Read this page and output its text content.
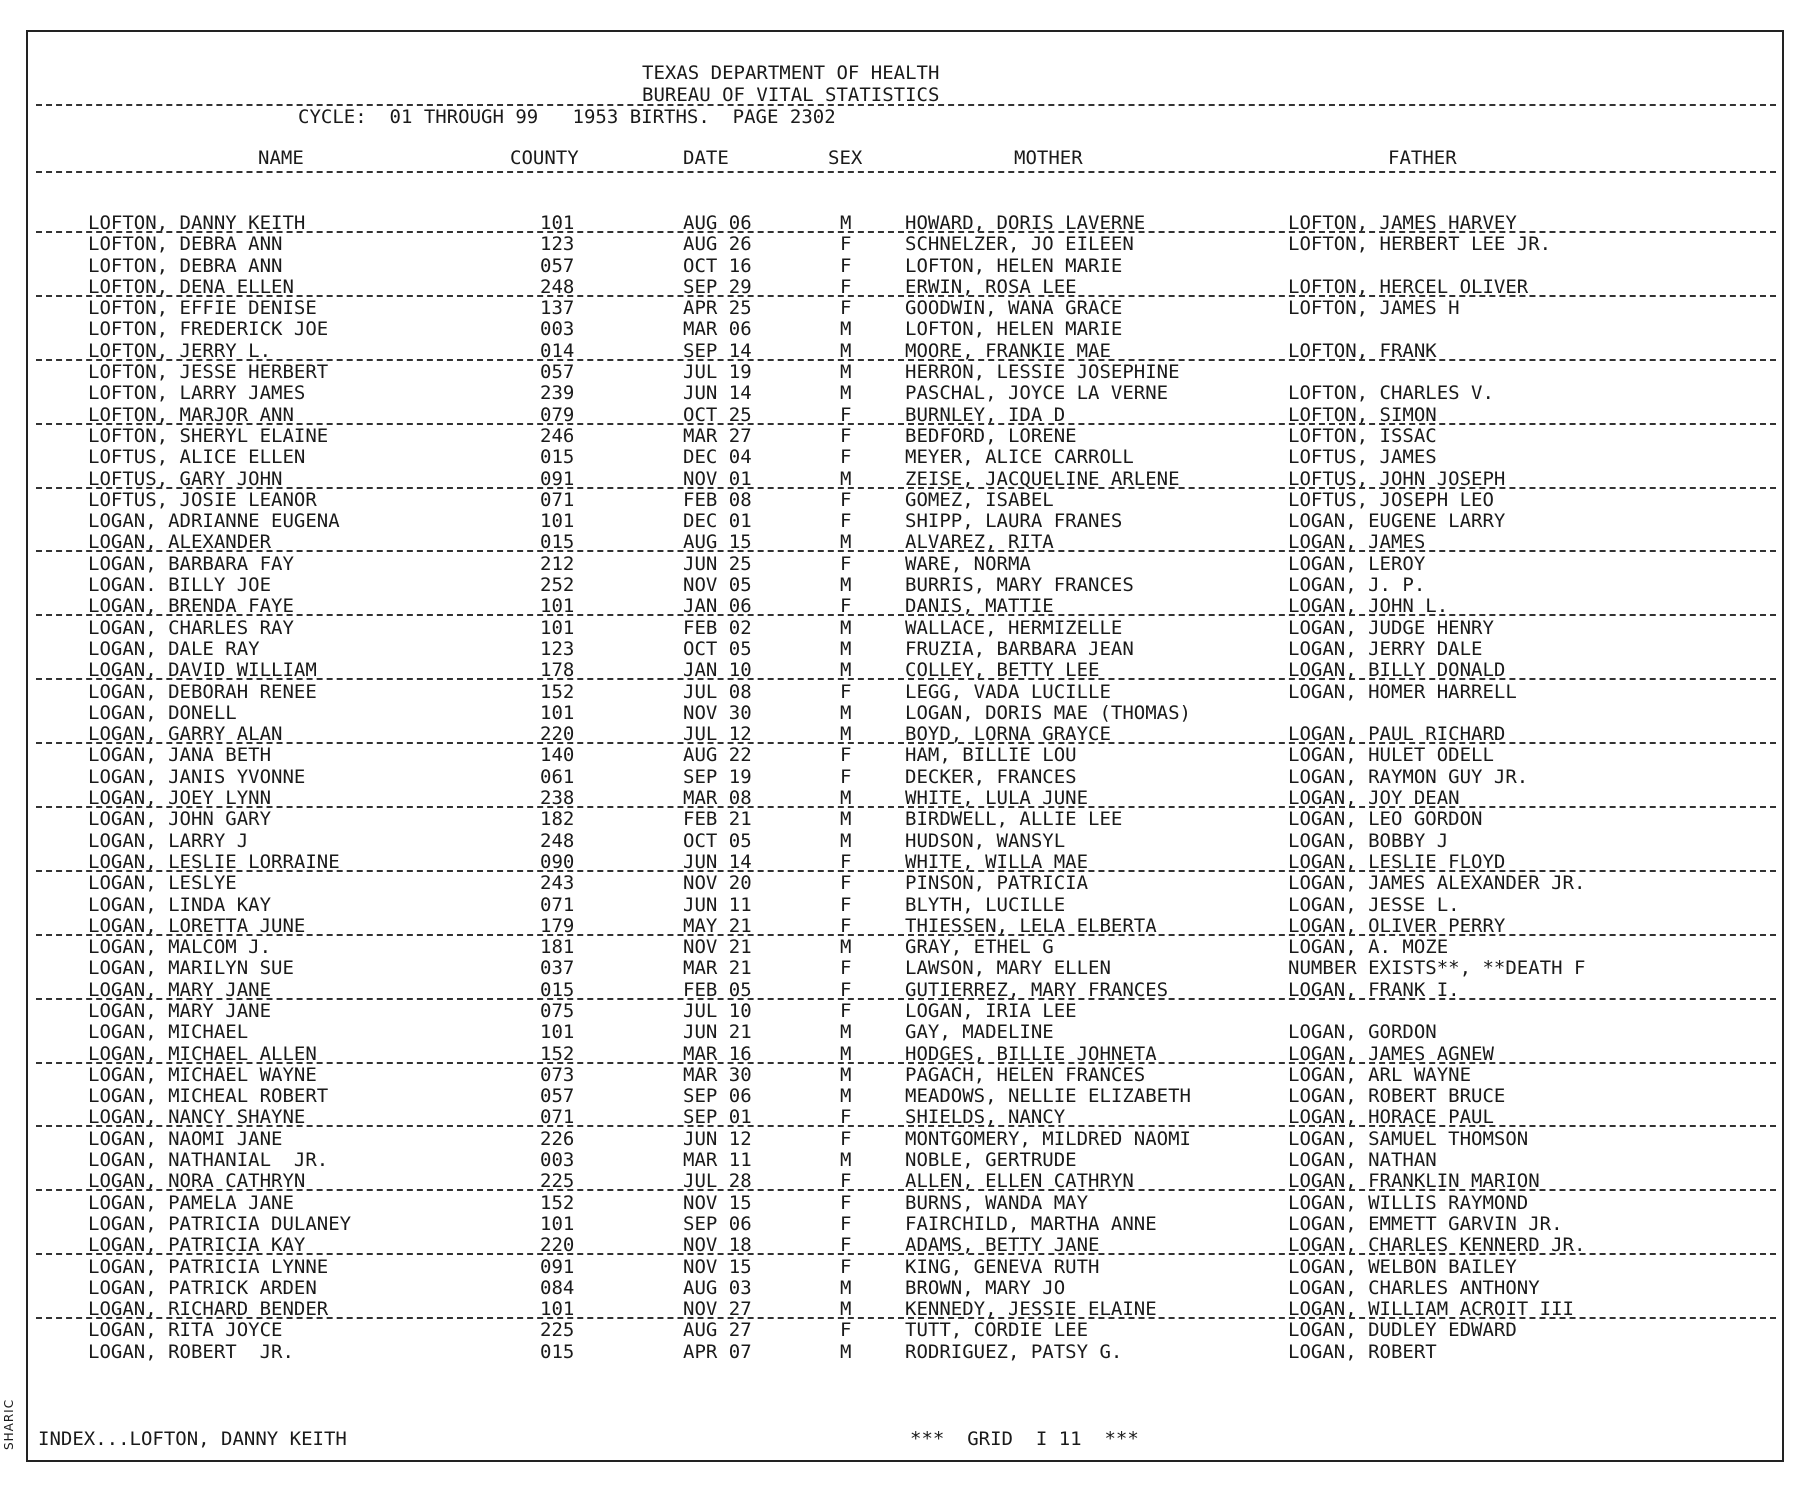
TEXAS DEPARTMENT OF HEALTH
BUREAU OF VITAL STATISTICS
CYCLE:  01 THROUGH 99   1953 BIRTHS.  PAGE 2302
NAME	COUNTY	DATE	SEX	MOTHER	FATHER
LOFTON, DANNY KEITH	101	AUG 06	M	HOWARD, DORIS LAVERNE	LOFTON, JAMES HARVEY
LOFTON, DEBRA ANN	123	AUG 26	F	SCHNELZER, JO EILEEN	LOFTON, HERBERT LEE JR.
LOFTON, DEBRA ANN	057	OCT 16	F	LOFTON, HELEN MARIE
LOFTON, DENA ELLEN	248	SEP 29	F	ERWIN, ROSA LEE	LOFTON, HERCEL OLIVER
LOFTON, EFFIE DENISE	137	APR 25	F	GOODWIN, WANA GRACE	LOFTON, JAMES H
LOFTON, FREDERICK JOE	003	MAR 06	M	LOFTON, HELEN MARIE
LOFTON, JERRY L.	014	SEP 14	M	MOORE, FRANKIE MAE	LOFTON, FRANK
LOFTON, JESSE HERBERT	057	JUL 19	M	HERRON, LESSIE JOSEPHINE
LOFTON, LARRY JAMES	239	JUN 14	M	PASCHAL, JOYCE LA VERNE	LOFTON, CHARLES V.
LOFTON, MARJOR ANN	079	OCT 25	F	BURNLEY, IDA D	LOFTON, SIMON
LOFTON, SHERYL ELAINE	246	MAR 27	F	BEDFORD, LORENE	LOFTON, ISSAC
LOFTUS, ALICE ELLEN	015	DEC 04	F	MEYER, ALICE CARROLL	LOFTUS, JAMES
LOFTUS, GARY JOHN	091	NOV 01	M	ZEISE, JACQUELINE ARLENE	LOFTUS, JOHN JOSEPH
LOFTUS, JOSIE LEANOR	071	FEB 08	F	GOMEZ, ISABEL	LOFTUS, JOSEPH LEO
LOGAN, ADRIANNE EUGENA	101	DEC 01	F	SHIPP, LAURA FRANES	LOGAN, EUGENE LARRY
LOGAN, ALEXANDER	015	AUG 15	M	ALVAREZ, RITA	LOGAN, JAMES
LOGAN, BARBARA FAY	212	JUN 25	F	WARE, NORMA	LOGAN, LEROY
LOGAN. BILLY JOE	252	NOV 05	M	BURRIS, MARY FRANCES	LOGAN, J. P.
LOGAN, BRENDA FAYE	101	JAN 06	F	DANIS, MATTIE	LOGAN, JOHN L.
LOGAN, CHARLES RAY	101	FEB 02	M	WALLACE, HERMIZELLE	LOGAN, JUDGE HENRY
LOGAN, DALE RAY	123	OCT 05	M	FRUZIA, BARBARA JEAN	LOGAN, JERRY DALE
LOGAN, DAVID WILLIAM	178	JAN 10	M	COLLEY, BETTY LEE	LOGAN, BILLY DONALD
LOGAN, DEBORAH RENEE	152	JUL 08	F	LEGG, VADA LUCILLE	LOGAN, HOMER HARRELL
LOGAN, DONELL	101	NOV 30	M	LOGAN, DORIS MAE (THOMAS)
LOGAN, GARRY ALAN	220	JUL 12	M	BOYD, LORNA GRAYCE	LOGAN, PAUL RICHARD
LOGAN, JANA BETH	140	AUG 22	F	HAM, BILLIE LOU	LOGAN, HULET ODELL
LOGAN, JANIS YVONNE	061	SEP 19	F	DECKER, FRANCES	LOGAN, RAYMON GUY JR.
LOGAN, JOEY LYNN	238	MAR 08	M	WHITE, LULA JUNE	LOGAN, JOY DEAN
LOGAN, JOHN GARY	182	FEB 21	M	BIRDWELL, ALLIE LEE	LOGAN, LEO GORDON
LOGAN, LARRY J	248	OCT 05	M	HUDSON, WANSYL	LOGAN, BOBBY J
LOGAN, LESLIE LORRAINE	090	JUN 14	F	WHITE, WILLA MAE	LOGAN, LESLIE FLOYD
LOGAN, LESLYE	243	NOV 20	F	PINSON, PATRICIA	LOGAN, JAMES ALEXANDER JR.
LOGAN, LINDA KAY	071	JUN 11	F	BLYTH, LUCILLE	LOGAN, JESSE L.
LOGAN, LORETTA JUNE	179	MAY 21	F	THIESSEN, LELA ELBERTA	LOGAN, OLIVER PERRY
LOGAN, MALCOM J.	181	NOV 21	M	GRAY, ETHEL G	LOGAN, A. MOZE
LOGAN, MARILYN SUE	037	MAR 21	F	LAWSON, MARY ELLEN	NUMBER EXISTS**, **DEATH F
LOGAN, MARY JANE	015	FEB 05	F	GUTIERREZ, MARY FRANCES	LOGAN, FRANK I.
LOGAN, MARY JANE	075	JUL 10	F	LOGAN, IRIA LEE
LOGAN, MICHAEL	101	JUN 21	M	GAY, MADELINE	LOGAN, GORDON
LOGAN, MICHAEL ALLEN	152	MAR 16	M	HODGES, BILLIE JOHNETA	LOGAN, JAMES AGNEW
LOGAN, MICHAEL WAYNE	073	MAR 30	M	PAGACH, HELEN FRANCES	LOGAN, ARL WAYNE
LOGAN, MICHEAL ROBERT	057	SEP 06	M	MEADOWS, NELLIE ELIZABETH	LOGAN, ROBERT BRUCE
LOGAN, NANCY SHAYNE	071	SEP 01	F	SHIELDS, NANCY	LOGAN, HORACE PAUL
LOGAN, NAOMI JANE	226	JUN 12	F	MONTGOMERY, MILDRED NAOMI	LOGAN, SAMUEL THOMSON
LOGAN, NATHANIAL  JR.	003	MAR 11	M	NOBLE, GERTRUDE	LOGAN, NATHAN
LOGAN, NORA CATHRYN	225	JUL 28	F	ALLEN, ELLEN CATHRYN	LOGAN, FRANKLIN MARION
LOGAN, PAMELA JANE	152	NOV 15	F	BURNS, WANDA MAY	LOGAN, WILLIS RAYMOND
LOGAN, PATRICIA DULANEY	101	SEP 06	F	FAIRCHILD, MARTHA ANNE	LOGAN, EMMETT GARVIN JR.
LOGAN, PATRICIA KAY	220	NOV 18	F	ADAMS, BETTY JANE	LOGAN, CHARLES KENNERD JR.
LOGAN, PATRICIA LYNNE	091	NOV 15	F	KING, GENEVA RUTH	LOGAN, WELBON BAILEY
LOGAN, PATRICK ARDEN	084	AUG 03	M	BROWN, MARY JO	LOGAN, CHARLES ANTHONY
LOGAN, RICHARD BENDER	101	NOV 27	M	KENNEDY, JESSIE ELAINE	LOGAN, WILLIAM ACROIT III
LOGAN, RITA JOYCE	225	AUG 27	F	TUTT, CORDIE LEE	LOGAN, DUDLEY EDWARD
LOGAN, ROBERT  JR.	015	APR 07	M	RODRIGUEZ, PATSY G.	LOGAN, ROBERT
INDEX...LOFTON, DANNY KEITH	***  GRID  I 11  ***
SHARIC
